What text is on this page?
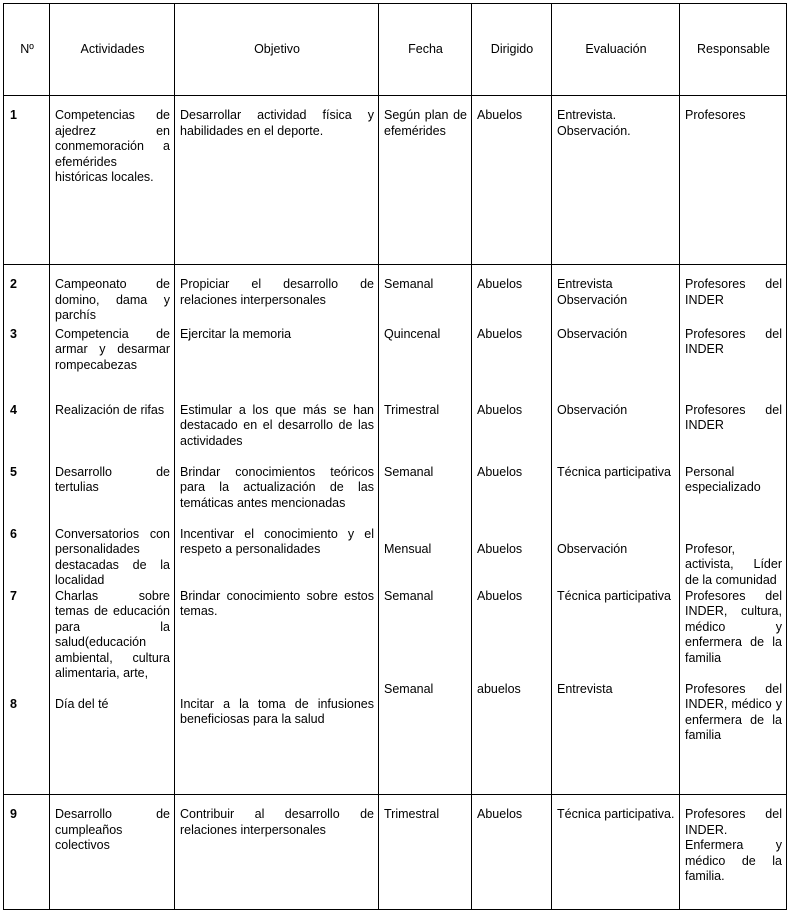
Nº	Actividades	Objetivo	Fecha	Dirigido	Evaluación	Responsable
1	Competencias de ajedrez en conmemoración a efemérides históricas locales.	Desarrollar actividad física y habilidades en el deporte.	Según plan de efemérides	Abuelos	Entrevista. Observación.	Profesores
2	Campeonato de domino, dama y parchís	Propiciar el desarrollo de relaciones interpersonales	Semanal	Abuelos	Entrevista Observación	Profesores del INDER
3	Competencia de armar y desarmar rompecabezas	Ejercitar la memoria	Quincenal	Abuelos	Observación	Profesores del INDER
4	Realización de rifas	Estimular a los que más se han destacado en el desarrollo de las actividades	Trimestral	Abuelos	Observación	Profesores del INDER
5	Desarrollo de tertulias	Brindar conocimientos teóricos para la actualización de las temáticas antes mencionadas	Semanal	Abuelos	Técnica participativa	Personal especializado
6	Conversatorios con personalidades destacadas de la localidad	Incentivar el conocimiento y el respeto a personalidades	Mensual	Abuelos	Observación	Profesor, activista, Líder de la comunidad
7	Charlas sobre temas de educación para la salud(educación ambiental, cultura alimentaria, arte,	Brindar conocimiento sobre estos temas.	Semanal	Abuelos	Técnica participativa	Profesores del INDER, cultura, médico y enfermera de la familia
8	Día del té	Incitar a la toma de infusiones beneficiosas para la salud	Semanal	abuelos	Entrevista	Profesores del INDER, médico y enfermera de la familia
9	Desarrollo de cumpleaños colectivos	Contribuir al desarrollo de relaciones interpersonales	Trimestral	Abuelos	Técnica participativa.	Profesores del INDER. Enfermera y médico de la familia.
